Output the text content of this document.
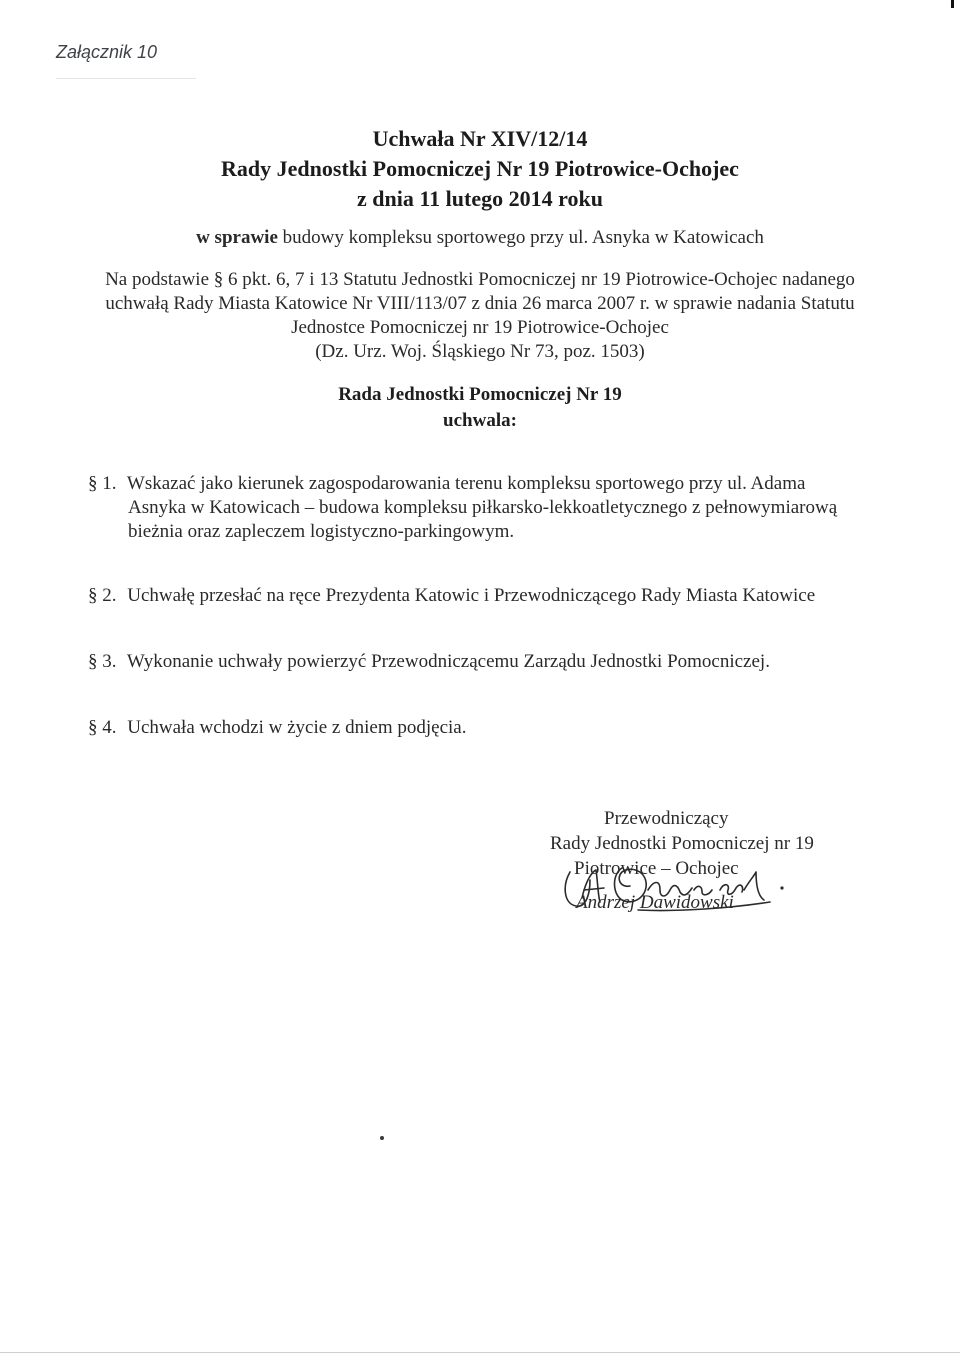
Załącznik 10
Uchwała Nr XIV/12/14
Rady Jednostki Pomocniczej Nr 19 Piotrowice-Ochojec
z dnia 11 lutego 2014 roku
w sprawie budowy kompleksu sportowego przy ul. Asnyka w Katowicach
Na podstawie § 6 pkt. 6, 7 i 13 Statutu Jednostki Pomocniczej nr 19 Piotrowice-Ochojec nadanego
uchwałą Rady Miasta Katowice Nr VIII/113/07 z dnia 26 marca 2007 r. w sprawie nadania Statutu
Jednostce Pomocniczej nr 19 Piotrowice-Ochojec
(Dz. Urz. Woj. Śląskiego Nr 73, poz. 1503)
Rada Jednostki Pomocniczej Nr 19
uchwala:
§ 1. Wskazać jako kierunek zagospodarowania terenu kompleksu sportowego przy ul. Adama
Asnyka w Katowicach – budowa kompleksu piłkarsko-lekkoatletycznego z pełnowymiarową
bieżnia oraz zapleczem logistyczno-parkingowym.
§ 2. Uchwałę przesłać na ręce Prezydenta Katowic i Przewodniczącego Rady Miasta Katowice
§ 3. Wykonanie uchwały powierzyć Przewodniczącemu Zarządu Jednostki Pomocniczej.
§ 4. Uchwała wchodzi w życie z dniem podjęcia.
Przewodniczący
Rady Jednostki Pomocniczej nr 19
Piotrowice – Ochojec
Andrzej Dawidowski
